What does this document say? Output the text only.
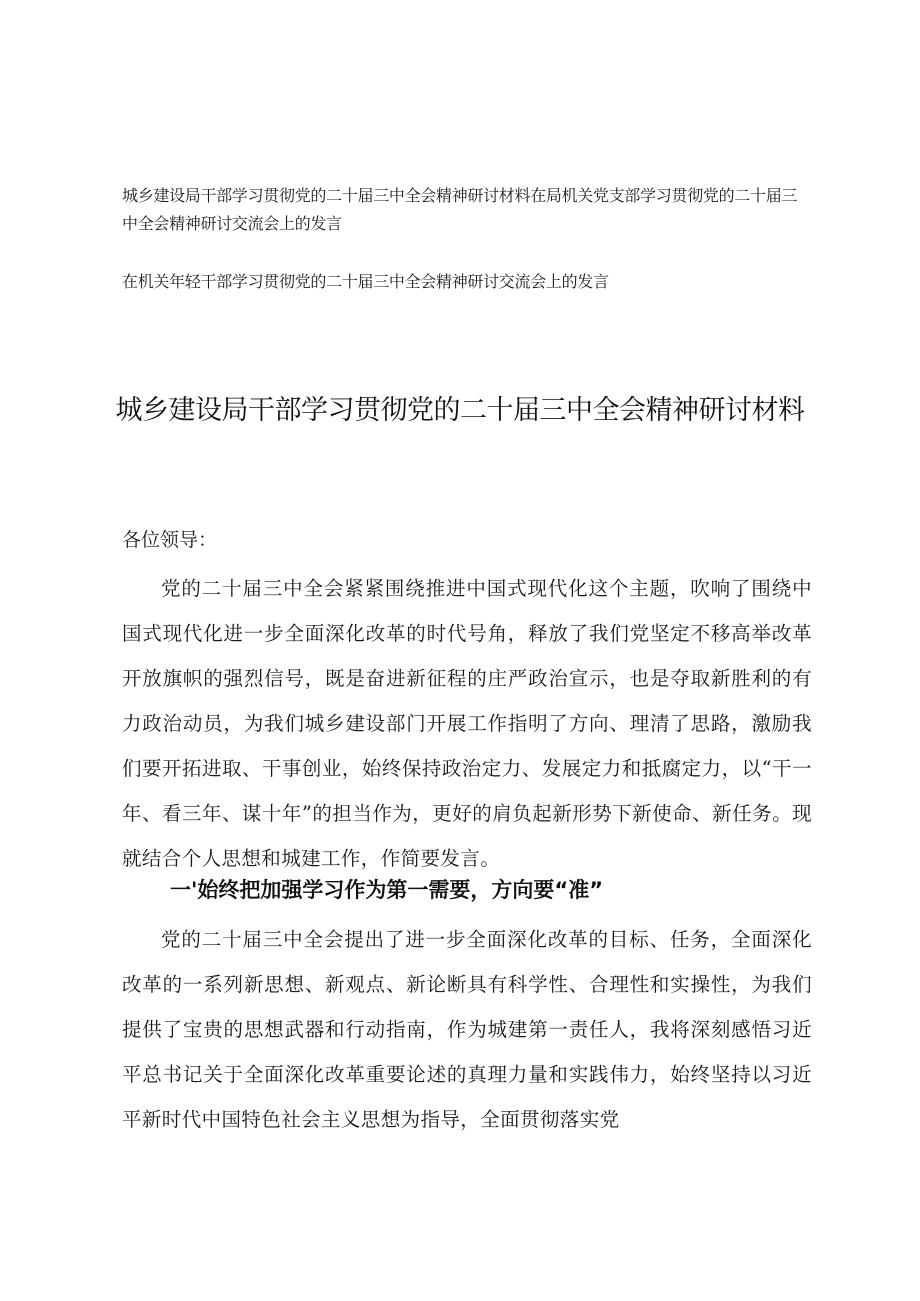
城乡建设局干部学习贯彻党的二十届三中全会精神研讨材料在局机关党支部学习贯彻党的二十届三中全会精神研讨交流会上的发言
在机关年轻干部学习贯彻党的二十届三中全会精神研讨交流会上的发言
城乡建设局干部学习贯彻党的二十届三中全会精神研讨材料
各位领导：
党的二十届三中全会紧紧围绕推进中国式现代化这个主题，吹响了围绕中国式现代化进一步全面深化改革的时代号角，释放了我们党坚定不移高举改革开放旗帜的强烈信号，既是奋进新征程的庄严政治宣示，也是夺取新胜利的有力政治动员，为我们城乡建设部门开展工作指明了方向、理清了思路，激励我们要开拓进取、干事创业，始终保持政治定力、发展定力和抵腐定力，以“干一年、看三年、谋十年”的担当作为，更好的肩负起新形势下新使命、新任务。现就结合个人思想和城建工作，作简要发言。
一'始终把加强学习作为第一需要，方向要“准”
党的二十届三中全会提出了进一步全面深化改革的目标、任务，全面深化改革的一系列新思想、新观点、新论断具有科学性、合理性和实操性，为我们提供了宝贵的思想武器和行动指南，作为城建第一责任人，我将深刻感悟习近平总书记关于全面深化改革重要论述的真理力量和实践伟力，始终坚持以习近平新时代中国特色社会主义思想为指导，全面贯彻落实党
